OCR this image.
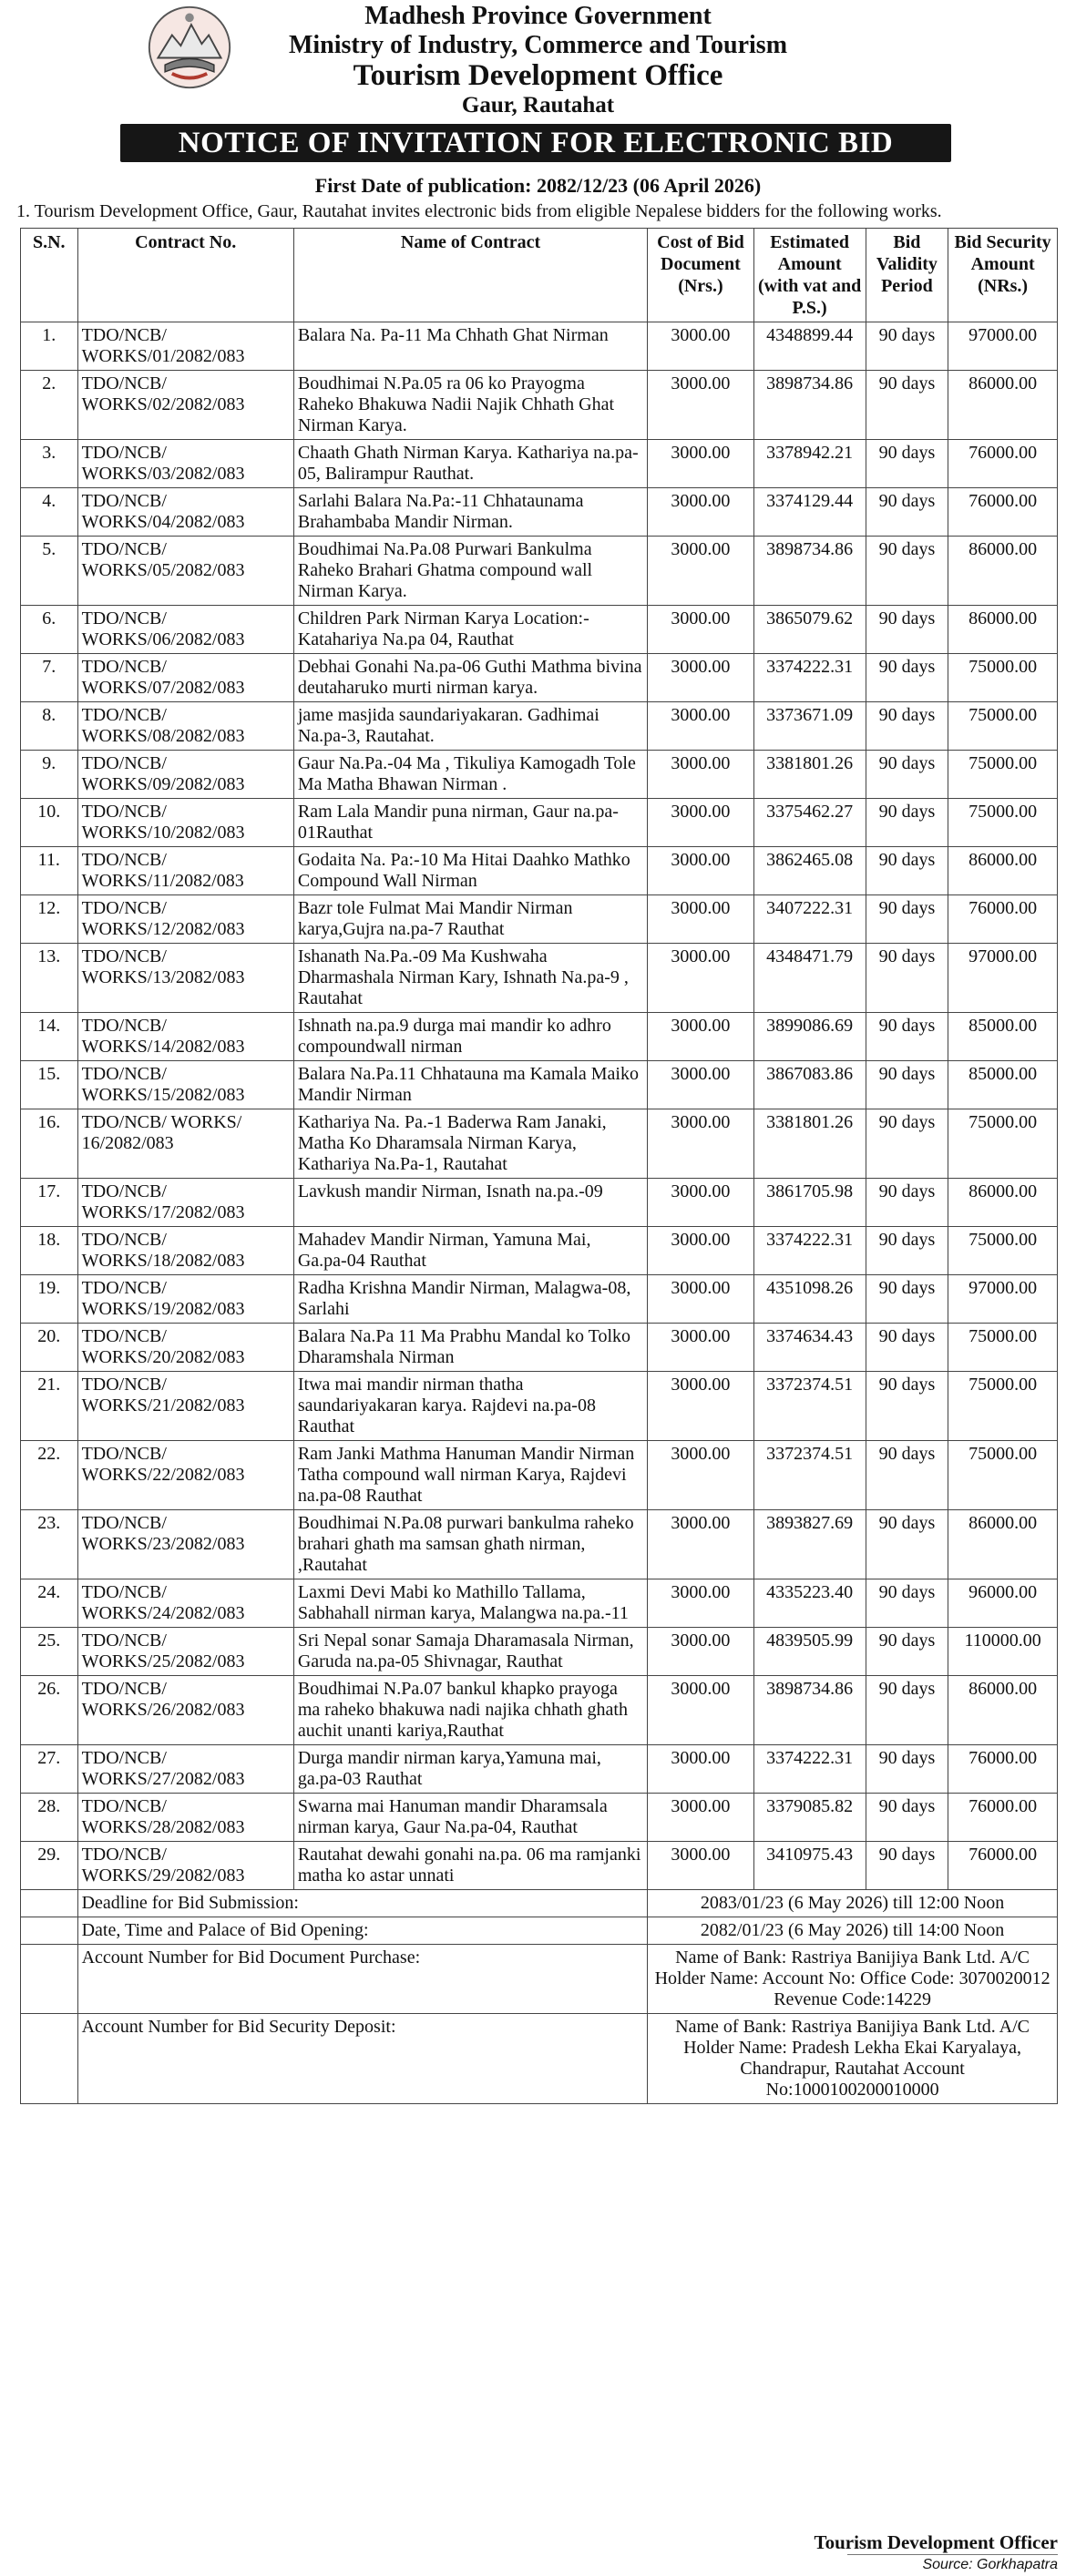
Madhesh Province Government
Ministry of Industry, Commerce and Tourism
Tourism Development Office
Gaur, Rautahat
NOTICE OF INVITATION FOR ELECTRONIC BID
First Date of publication: 2082/12/23 (06 April 2026)
1. Tourism Development Office, Gaur, Rautahat invites electronic bids from eligible Nepalese bidders for the following works.
S.N.	Contract No.	Name of Contract	Cost of Bid Document (Nrs.)	Estimated Amount (with vat and P.S.)	Bid Validity Period	Bid Security Amount (NRs.)
1.	TDO/NCB/ WORKS/01/2082/083	Balara Na. Pa-11 Ma Chhath Ghat Nirman	3000.00	4348899.44	90 days	97000.00
2.	TDO/NCB/ WORKS/02/2082/083	Boudhimai N.Pa.05 ra 06 ko Prayogma Raheko Bhakuwa Nadii Najik Chhath Ghat Nirman Karya.	3000.00	3898734.86	90 days	86000.00
3.	TDO/NCB/ WORKS/03/2082/083	Chaath Ghath Nirman Karya. Kathariya na.pa-05, Balirampur Rauthat.	3000.00	3378942.21	90 days	76000.00
4.	TDO/NCB/ WORKS/04/2082/083	Sarlahi Balara Na.Pa:-11 Chhataunama Brahambaba Mandir Nirman.	3000.00	3374129.44	90 days	76000.00
5.	TDO/NCB/ WORKS/05/2082/083	Boudhimai Na.Pa.08 Purwari Bankulma Raheko Brahari Ghatma compound wall Nirman Karya.	3000.00	3898734.86	90 days	86000.00
6.	TDO/NCB/ WORKS/06/2082/083	Children Park Nirman Karya Location:-Katahariya Na.pa 04, Rauthat	3000.00	3865079.62	90 days	86000.00
7.	TDO/NCB/ WORKS/07/2082/083	Debhai Gonahi Na.pa-06 Guthi Mathma bivina deutaharuko murti nirman karya.	3000.00	3374222.31	90 days	75000.00
8.	TDO/NCB/ WORKS/08/2082/083	jame masjida saundariyakaran. Gadhimai Na.pa-3, Rautahat.	3000.00	3373671.09	90 days	75000.00
9.	TDO/NCB/ WORKS/09/2082/083	Gaur Na.Pa.-04 Ma , Tikuliya Kamogadh Tole Ma Matha Bhawan Nirman .	3000.00	3381801.26	90 days	75000.00
10.	TDO/NCB/ WORKS/10/2082/083	Ram Lala Mandir puna nirman, Gaur na.pa-01Rauthat	3000.00	3375462.27	90 days	75000.00
11.	TDO/NCB/ WORKS/11/2082/083	Godaita Na. Pa:-10 Ma Hitai Daahko Mathko Compound Wall Nirman	3000.00	3862465.08	90 days	86000.00
12.	TDO/NCB/ WORKS/12/2082/083	Bazr tole Fulmat Mai Mandir Nirman karya,Gujra na.pa-7 Rauthat	3000.00	3407222.31	90 days	76000.00
13.	TDO/NCB/ WORKS/13/2082/083	Ishanath Na.Pa.-09 Ma Kushwaha Dharmashala Nirman Kary, Ishnath Na.pa-9 , Rautahat	3000.00	4348471.79	90 days	97000.00
14.	TDO/NCB/ WORKS/14/2082/083	Ishnath na.pa.9 durga mai mandir ko adhro compoundwall nirman	3000.00	3899086.69	90 days	85000.00
15.	TDO/NCB/ WORKS/15/2082/083	Balara Na.Pa.11 Chhatauna ma Kamala Maiko Mandir Nirman	3000.00	3867083.86	90 days	85000.00
16.	TDO/NCB/ WORKS/ 16/2082/083	Kathariya Na. Pa.-1 Baderwa Ram Janaki, Matha Ko Dharamsala Nirman Karya, Kathariya Na.Pa-1, Rautahat	3000.00	3381801.26	90 days	75000.00
17.	TDO/NCB/ WORKS/17/2082/083	Lavkush mandir Nirman, Isnath na.pa.-09	3000.00	3861705.98	90 days	86000.00
18.	TDO/NCB/ WORKS/18/2082/083	Mahadev Mandir Nirman, Yamuna Mai, Ga.pa-04 Rauthat	3000.00	3374222.31	90 days	75000.00
19.	TDO/NCB/ WORKS/19/2082/083	Radha Krishna Mandir Nirman, Malagwa-08, Sarlahi	3000.00	4351098.26	90 days	97000.00
20.	TDO/NCB/ WORKS/20/2082/083	Balara Na.Pa 11 Ma Prabhu Mandal ko Tolko Dharamshala Nirman	3000.00	3374634.43	90 days	75000.00
21.	TDO/NCB/ WORKS/21/2082/083	Itwa mai mandir nirman thatha saundariyakaran karya. Rajdevi na.pa-08 Rauthat	3000.00	3372374.51	90 days	75000.00
22.	TDO/NCB/ WORKS/22/2082/083	Ram Janki Mathma Hanuman Mandir Nirman Tatha compound wall nirman Karya, Rajdevi na.pa-08 Rauthat	3000.00	3372374.51	90 days	75000.00
23.	TDO/NCB/ WORKS/23/2082/083	Boudhimai N.Pa.08 purwari bankulma raheko brahari ghath ma samsan ghath nirman, ,Rautahat	3000.00	3893827.69	90 days	86000.00
24.	TDO/NCB/ WORKS/24/2082/083	Laxmi Devi Mabi ko Mathillo Tallama, Sabhahall nirman karya, Malangwa na.pa.-11	3000.00	4335223.40	90 days	96000.00
25.	TDO/NCB/ WORKS/25/2082/083	Sri Nepal sonar Samaja Dharamasala Nirman, Garuda na.pa-05 Shivnagar, Rauthat	3000.00	4839505.99	90 days	110000.00
26.	TDO/NCB/ WORKS/26/2082/083	Boudhimai N.Pa.07 bankul khapko prayoga ma raheko bhakuwa nadi najika chhath ghath auchit unanti kariya,Rauthat	3000.00	3898734.86	90 days	86000.00
27.	TDO/NCB/ WORKS/27/2082/083	Durga mandir nirman karya,Yamuna mai, ga.pa-03 Rauthat	3000.00	3374222.31	90 days	76000.00
28.	TDO/NCB/ WORKS/28/2082/083	Swarna mai Hanuman mandir Dharamsala nirman karya, Gaur Na.pa-04, Rauthat	3000.00	3379085.82	90 days	76000.00
29.	TDO/NCB/ WORKS/29/2082/083	Rautahat dewahi gonahi na.pa. 06 ma ramjanki matha ko astar unnati	3000.00	3410975.43	90 days	76000.00
	Deadline for Bid Submission:		2083/01/23 (6 May 2026) till 12:00 Noon			
	Date, Time and Palace of Bid Opening:		2082/01/23 (6 May 2026) till 14:00 Noon			
	Account Number for Bid Document Purchase:		Name of Bank: Rastriya Banijiya Bank Ltd. A/C Holder Name: Account No: Office Code: 3070020012 Revenue Code:14229			
	Account Number for Bid Security Deposit:		Name of Bank: Rastriya Banijiya Bank Ltd. A/C Holder Name: Pradesh Lekha Ekai Karyalaya, Chandrapur, Rautahat Account No:1000100200010000			
Tourism Development Officer
Source: Gorkhapatra
